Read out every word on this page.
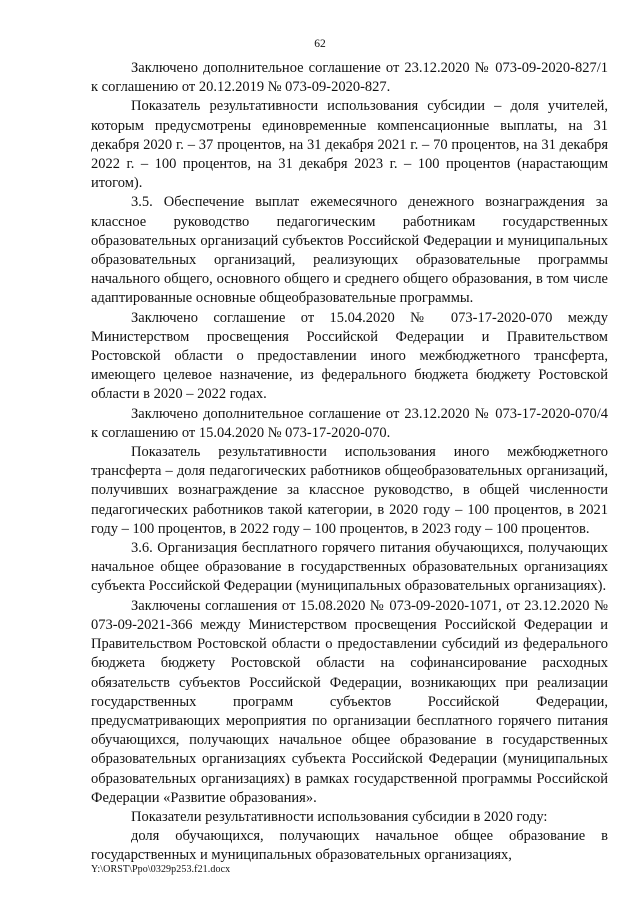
62

Заключено дополнительное соглашение от 23.12.2020 № 073-09-2020-827/1 к соглашению от 20.12.2019 № 073-09-2020-827.

Показатель результативности использования субсидии – доля учителей, которым предусмотрены единовременные компенсационные выплаты, на 31 декабря 2020 г. – 37 процентов, на 31 декабря 2021 г. – 70 процентов, на 31 декабря 2022 г. – 100 процентов, на 31 декабря 2023 г. – 100 процентов (нарастающим итогом).

3.5. Обеспечение выплат ежемесячного денежного вознаграждения за классное руководство педагогическим работникам государственных образовательных организаций субъектов Российской Федерации и муниципальных образовательных организаций, реализующих образовательные программы начального общего, основного общего и среднего общего образования, в том числе адаптированные основные общеобразовательные программы.

Заключено соглашение от 15.04.2020 № 073-17-2020-070 между Министерством просвещения Российской Федерации и Правительством Ростовской области о предоставлении иного межбюджетного трансферта, имеющего целевое назначение, из федерального бюджета бюджету Ростовской области в 2020 – 2022 годах.

Заключено дополнительное соглашение от 23.12.2020 № 073-17-2020-070/4 к соглашению от 15.04.2020 № 073-17-2020-070.

Показатель результативности использования иного межбюджетного трансферта – доля педагогических работников общеобразовательных организаций, получивших вознаграждение за классное руководство, в общей численности педагогических работников такой категории, в 2020 году – 100 процентов, в 2021 году – 100 процентов, в 2022 году – 100 процентов, в 2023 году – 100 процентов.

3.6. Организация бесплатного горячего питания обучающихся, получающих начальное общее образование в государственных образовательных организациях субъекта Российской Федерации (муниципальных образовательных организациях).

Заключены соглашения от 15.08.2020 № 073-09-2020-1071, от 23.12.2020 № 073-09-2021-366 между Министерством просвещения Российской Федерации и Правительством Ростовской области о предоставлении субсидий из федерального бюджета бюджету Ростовской области на софинансирование расходных обязательств субъектов Российской Федерации, возникающих при реализации государственных программ субъектов Российской Федерации, предусматривающих мероприятия по организации бесплатного горячего питания обучающихся, получающих начальное общее образование в государственных образовательных организациях субъекта Российской Федерации (муниципальных образовательных организациях) в рамках государственной программы Российской Федерации «Развитие образования».

Показатели результативности использования субсидии в 2020 году:

доля обучающихся, получающих начальное общее образование в государственных и муниципальных образовательных организациях,

Y:\ORST\Ppo\0329p253.f21.docx
